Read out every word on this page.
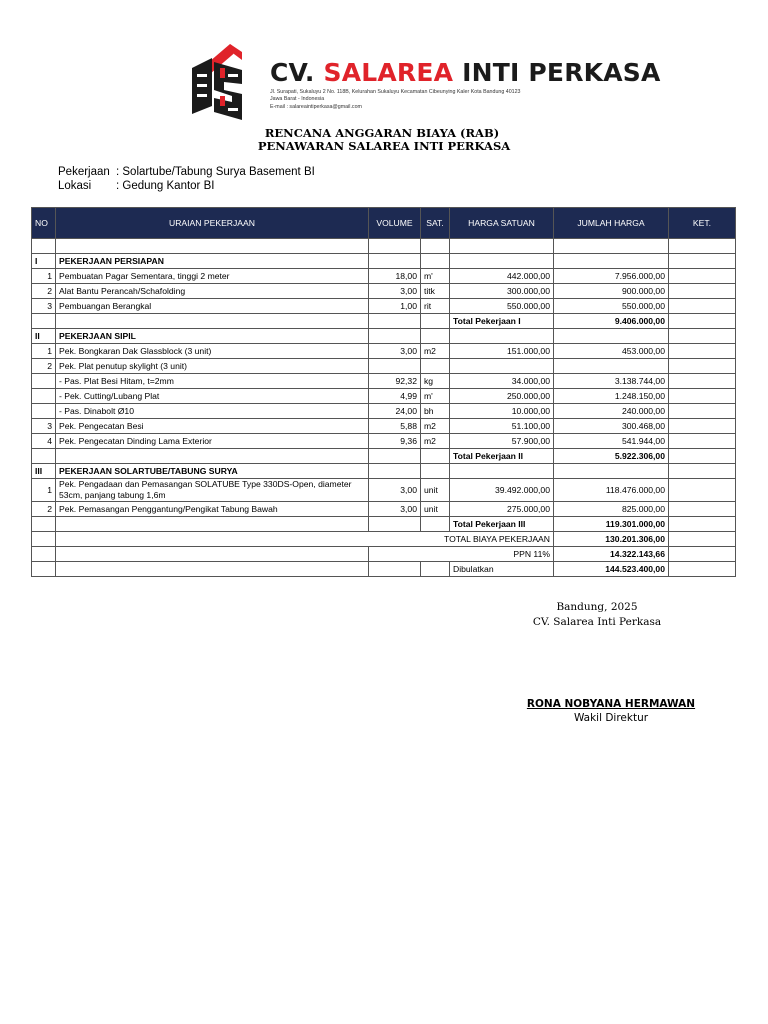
CV. SALAREA INTI PERKASA
Jl. Surapati, Sukaluyu 2 No. 118B, Kelurahan Sukaluyu Kecamatan Cibeunying Kaler Kota Bandung 40123
Jawa Barat - Indonesia
E-mail : salareaintiperkasa@gmail.com
RENCANA ANGGARAN BIAYA (RAB)
PENAWARAN SALAREA INTI PERKASA
Pekerjaan : Solartube/Tabung Surya Basement BI
Lokasi : Gedung Kantor BI
NO	URAIAN PEKERJAAN	VOLUME	SAT.	HARGA SATUAN	JUMLAH HARGA	KET.

I	PEKERJAAN PERSIAPAN					
1	Pembuatan Pagar Sementara, tinggi 2 meter	18,00	m'	442.000,00	7.956.000,00	
2	Alat Bantu Perancah/Schafolding	3,00	titk	300.000,00	900.000,00	
3	Pembuangan Berangkal	1,00	rit	550.000,00	550.000,00	
				Total Pekerjaan I	9.406.000,00	
II	PEKERJAAN SIPIL					
1	Pek. Bongkaran Dak Glassblock (3 unit)	3,00	m2	151.000,00	453.000,00	
2	Pek. Plat penutup skylight (3 unit)					
	- Pas. Plat Besi Hitam, t=2mm	92,32	kg	34.000,00	3.138.744,00	
	- Pek. Cutting/Lubang Plat	4,99	m'	250.000,00	1.248.150,00	
	- Pas. Dinabolt Ø10	24,00	bh	10.000,00	240.000,00	
3	Pek. Pengecatan Besi	5,88	m2	51.100,00	300.468,00	
4	Pek. Pengecatan Dinding Lama Exterior	9,36	m2	57.900,00	541.944,00	
				Total Pekerjaan II	5.922.306,00	
III	PEKERJAAN SOLARTUBE/TABUNG SURYA					
1	Pek. Pengadaan dan Pemasangan SOLATUBE Type 330DS-Open, diameter 53cm, panjang tabung 1,6m	3,00	unit	39.492.000,00	118.476.000,00	
2	Pek. Pemasangan Penggantung/Pengikat Tabung Bawah	3,00	unit	275.000,00	825.000,00	
				Total Pekerjaan III	119.301.000,00	
	TOTAL BIAYA PEKERJAAN				130.201.306,00	
		PPN 11%			14.322.143,66	
				Dibulatkan	144.523.400,00	
Bandung, 2025
CV. Salarea Inti Perkasa
RONA NOBYANA HERMAWAN
Wakil Direktur
